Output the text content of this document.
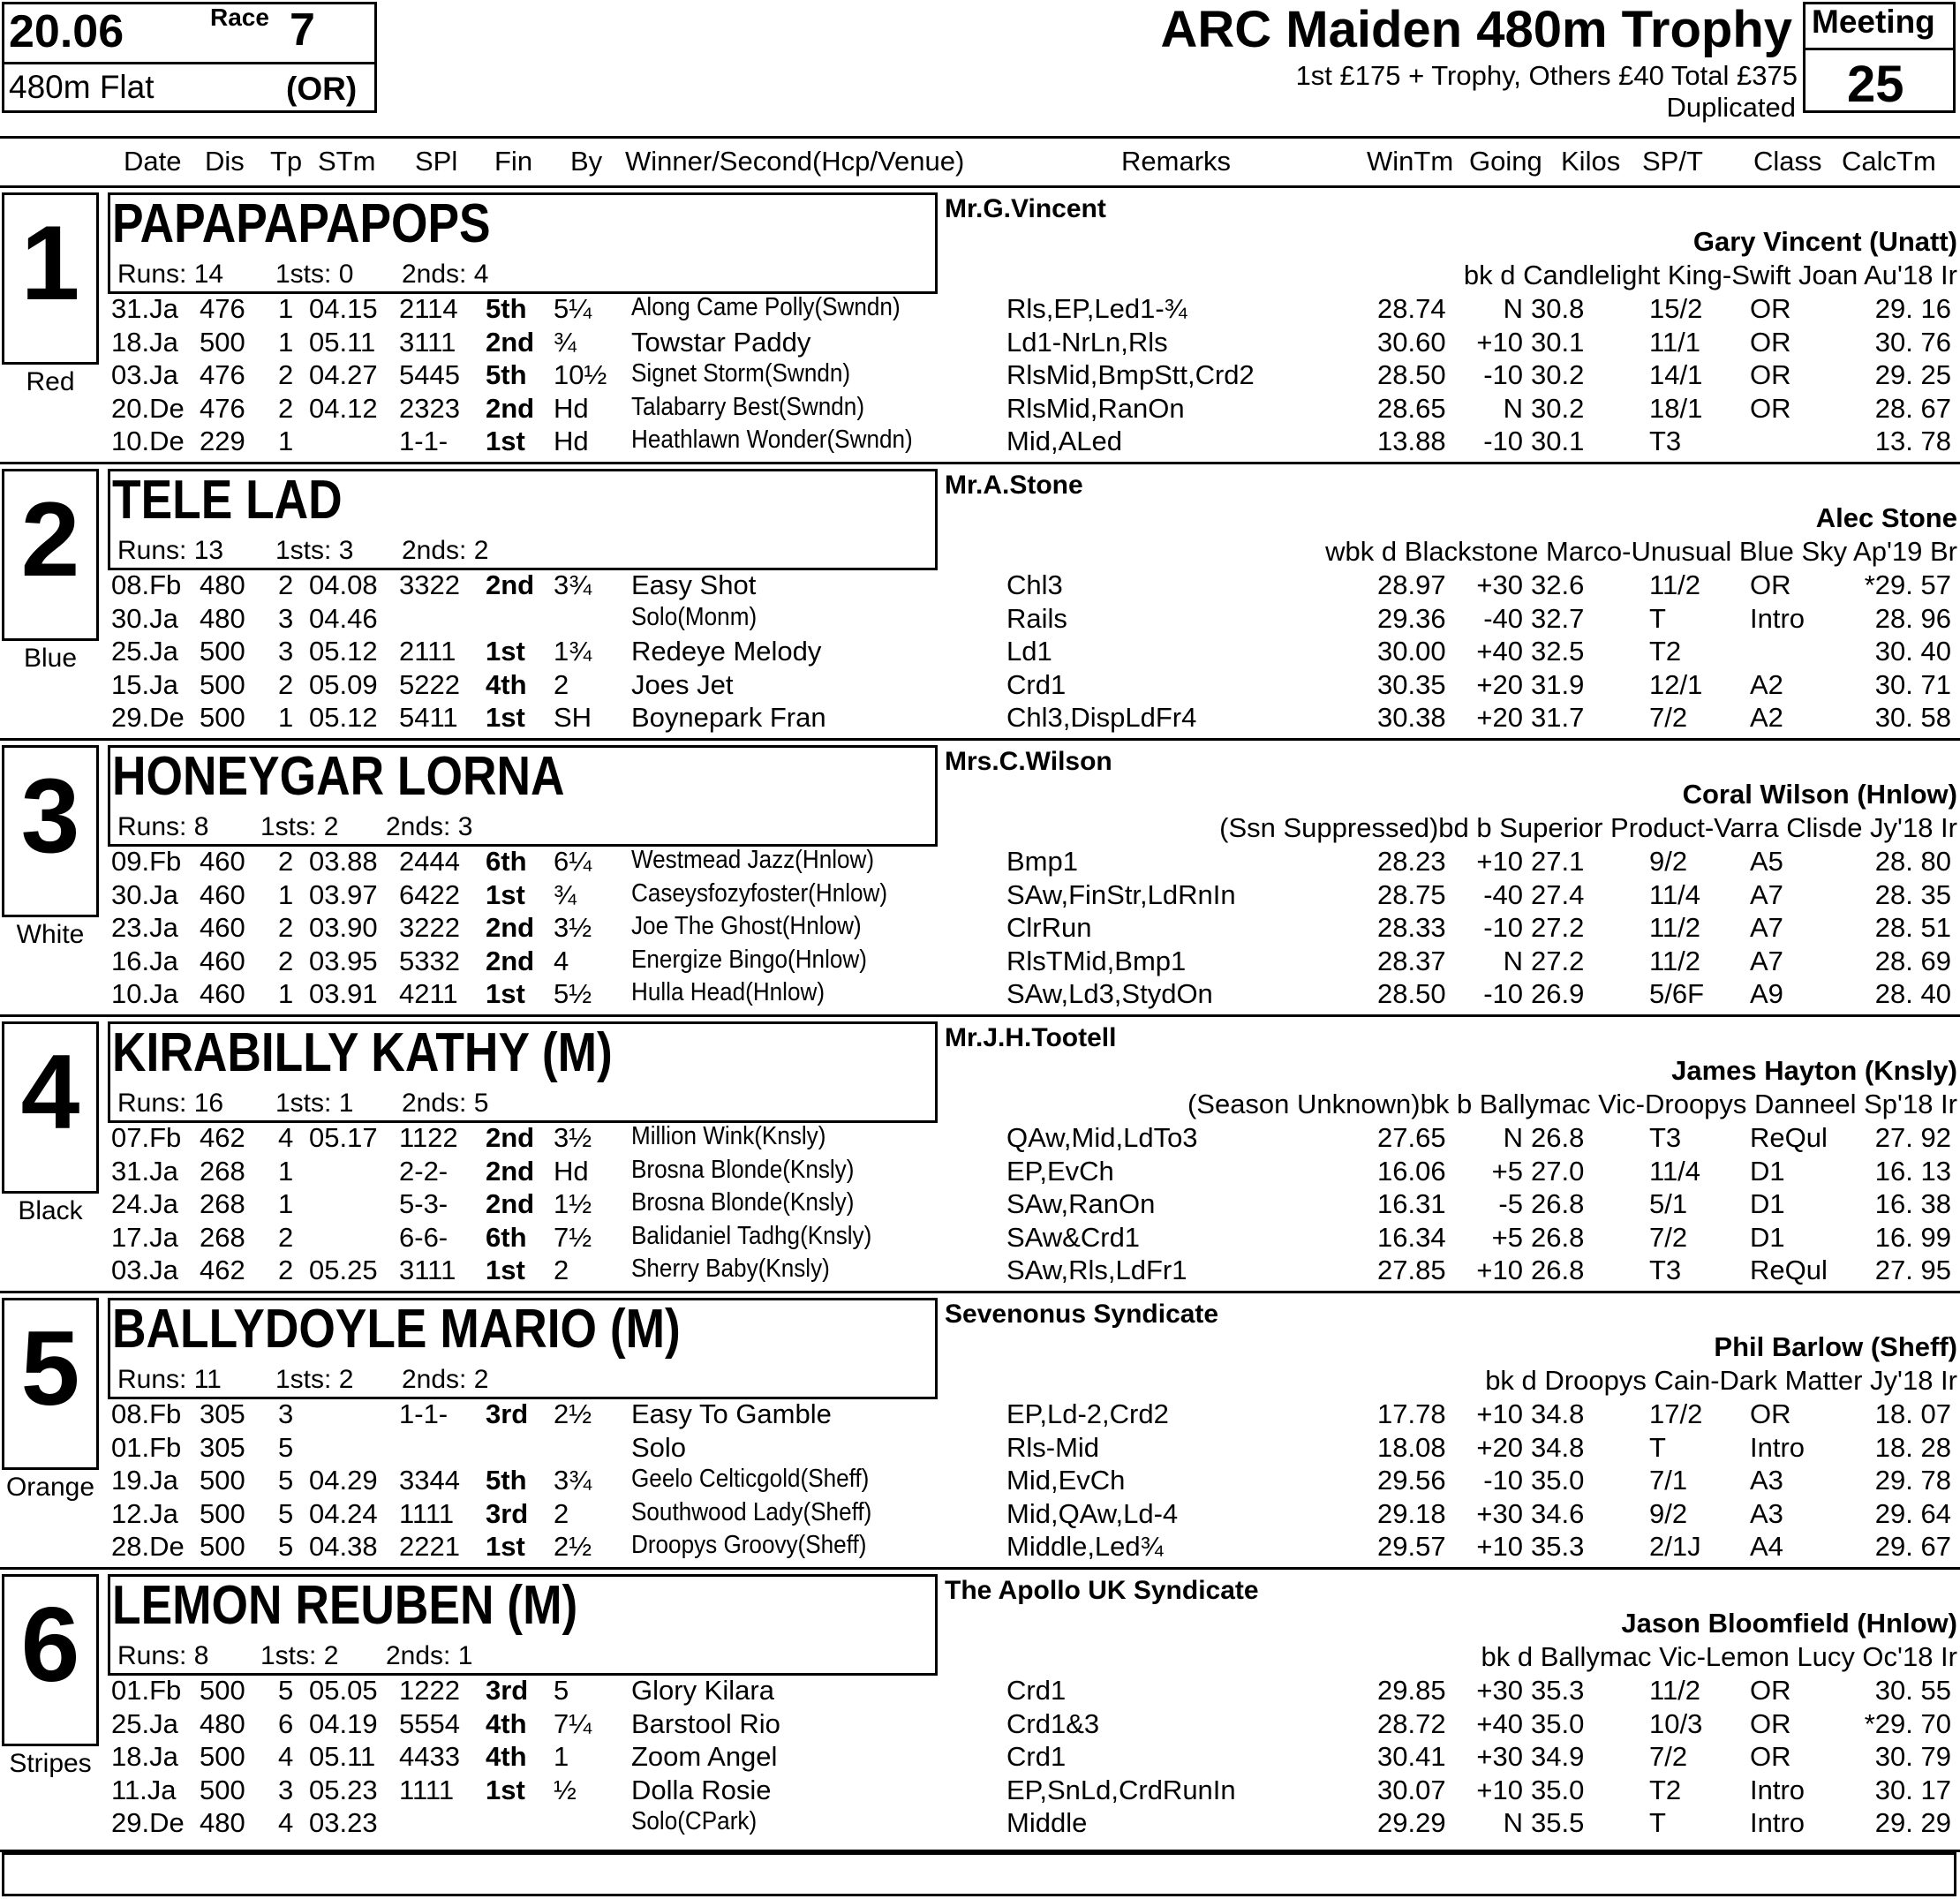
20.06	Race 7
480m Flat	(OR)
ARC Maiden 480m Trophy
1st £175 + Trophy, Others £40 Total £375
Duplicated
Meeting
25
Date Dis Tp STm SPl Fin By Winner/Second(Hcp/Venue)	Remarks	WinTm Going Kilos SP/T Class CalcTm
1
Red
PAPAPAPAPOPS
Runs: 14 1sts: 0 2nds: 4
Mr.G.Vincent
Gary Vincent (Unatt)
bk d Candlelight King-Swift Joan Au'18 Ir
31.Ja 476 1 04.15 2114 5th 5¼ Along Came Polly(Swndn)	Rls,EP,Led1-¾	28.74 N 30.8 15/2 OR	29. 16
18.Ja 500 1 05.11 3111 2nd ¾ Towstar Paddy	Ld1-NrLn,Rls	30.60 +10 30.1 11/1 OR	30. 76
03.Ja 476 2 04.27 5445 5th 10½ Signet Storm(Swndn)	RlsMid,BmpStt,Crd2	28.50 -10 30.2 14/1 OR	29. 25
20.De 476 2 04.12 2323 2nd Hd Talabarry Best(Swndn)	RlsMid,RanOn	28.65 N 30.2 18/1 OR	28. 67
10.De 229 1	1-1- 1st Hd Heathlawn Wonder(Swndn)	Mid,ALed	13.88 -10 30.1 T3	13. 78
2
Blue
TELE LAD
Runs: 13 1sts: 3 2nds: 2
Mr.A.Stone
Alec Stone
wbk d Blackstone Marco-Unusual Blue Sky Ap'19 Br
08.Fb 480 2 04.08 3322 2nd 3¾ Easy Shot	Chl3	28.97 +30 32.6 11/2 OR	*29. 57
30.Ja 480 3 04.46	Solo(Monm)	Rails	29.36 -40 32.7 T	Intro	28. 96
25.Ja 500 3 05.12 2111 1st 1¾ Redeye Melody	Ld1	30.00 +40 32.5 T2	30. 40
15.Ja 500 2 05.09 5222 4th 2 Joes Jet	Crd1	30.35 +20 31.9 12/1 A2	30. 71
29.De 500 1 05.12 5411 1st SH Boynepark Fran	Chl3,DispLdFr4	30.38 +20 31.7 7/2 A2	30. 58
3
White
HONEYGAR LORNA
Runs: 8 1sts: 2 2nds: 3
Mrs.C.Wilson
Coral Wilson (Hnlow)
(Ssn Suppressed)bd b Superior Product-Varra Clisde Jy'18 Ir
09.Fb 460 2 03.88 2444 6th 6¼ Westmead Jazz(Hnlow)	Bmp1	28.23 +10 27.1 9/2 A5	28. 80
30.Ja 460 1 03.97 6422 1st ¾ Caseysfozyfoster(Hnlow)	SAw,FinStr,LdRnIn	28.75 -40 27.4 11/4 A7	28. 35
23.Ja 460 2 03.90 3222 2nd 3½ Joe The Ghost(Hnlow)	ClrRun	28.33 -10 27.2 11/2 A7	28. 51
16.Ja 460 2 03.95 5332 2nd 4 Energize Bingo(Hnlow)	RlsTMid,Bmp1	28.37 N 27.2 11/2 A7	28. 69
10.Ja 460 1 03.91 4211 1st 5½ Hulla Head(Hnlow)	SAw,Ld3,StydOn	28.50 -10 26.9 5/6F A9	28. 40
4
Black
KIRABILLY KATHY (M)
Runs: 16 1sts: 1 2nds: 5
Mr.J.H.Tootell
James Hayton (Knsly)
(Season Unknown)bk b Ballymac Vic-Droopys Danneel Sp'18 Ir
07.Fb 462 4 05.17 1122 2nd 3½ Million Wink(Knsly)	QAw,Mid,LdTo3	27.65 N 26.8 T3	ReQul 27. 92
31.Ja 268 1	2-2- 2nd Hd Brosna Blonde(Knsly)	EP,EvCh	16.06 +5 27.0 11/4 D1	16. 13
24.Ja 268 1	5-3- 2nd 1½ Brosna Blonde(Knsly)	SAw,RanOn	16.31 -5 26.8 5/1 D1	16. 38
17.Ja 268 2	6-6- 6th 7½ Balidaniel Tadhg(Knsly)	SAw&Crd1	16.34 +5 26.8 7/2 D1	16. 99
03.Ja 462 2 05.25 3111 1st 2 Sherry Baby(Knsly)	SAw,Rls,LdFr1	27.85 +10 26.8 T3	ReQul 27. 95
5
Orange
BALLYDOYLE MARIO (M)
Runs: 11 1sts: 2 2nds: 2
Sevenonus Syndicate
Phil Barlow (Sheff)
bk d Droopys Cain-Dark Matter Jy'18 Ir
08.Fb 305 3	1-1- 3rd 2½ Easy To Gamble	EP,Ld-2,Crd2	17.78 +10 34.8 17/2 OR	18. 07
01.Fb 305 5	Solo	Rls-Mid	18.08 +20 34.8 T	Intro	18. 28
19.Ja 500 5 04.29 3344 5th 3¾ Geelo Celticgold(Sheff)	Mid,EvCh	29.56 -10 35.0 7/1 A3	29. 78
12.Ja 500 5 04.24 1111 3rd 2 Southwood Lady(Sheff)	Mid,QAw,Ld-4	29.18 +30 34.6 9/2 A3	29. 64
28.De 500 5 04.38 2221 1st 2½ Droopys Groovy(Sheff)	Middle,Led¾	29.57 +10 35.3 2/1J A4	29. 67
6
Stripes
LEMON REUBEN (M)
Runs: 8 1sts: 2 2nds: 1
The Apollo UK Syndicate
Jason Bloomfield (Hnlow)
bk d Ballymac Vic-Lemon Lucy Oc'18 Ir
01.Fb 500 5 05.05 1222 3rd 5 Glory Kilara	Crd1	29.85 +30 35.3 11/2 OR	30. 55
25.Ja 480 6 04.19 5554 4th 7¼ Barstool Rio	Crd1&3	28.72 +40 35.0 10/3 OR	*29. 70
18.Ja 500 4 05.11 4433 4th 1 Zoom Angel	Crd1	30.41 +30 34.9 7/2 OR	30. 79
11.Ja 500 3 05.23 1111 1st ½ Dolla Rosie	EP,SnLd,CrdRunIn	30.07 +10 35.0 T2	Intro	30. 17
29.De 480 4 03.23	Solo(CPark)	Middle	29.29 N 35.5 T	Intro	29. 29
